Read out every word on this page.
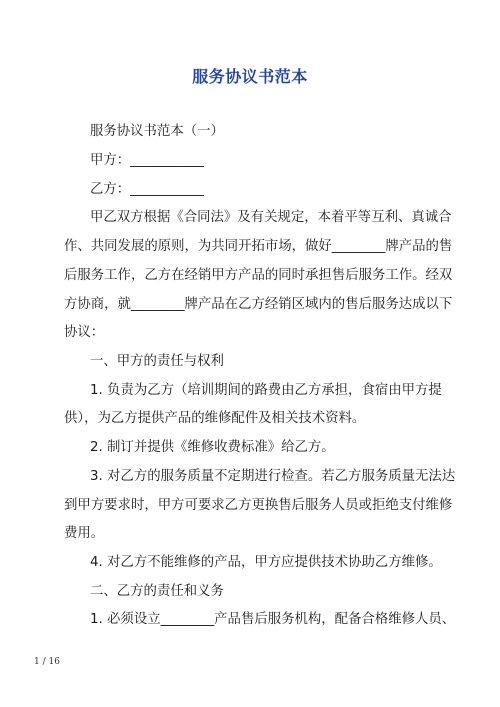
服务协议书范本
服务协议书范本（一）
甲方：___________
乙方：___________
甲乙双方根据《合同法》及有关规定，本着平等互利、真诚合
作、共同发展的原则，为共同开拓市场，做好________牌产品的售
后服务工作，乙方在经销甲方产品的同时承担售后服务工作。经双
方协商，就________牌产品在乙方经销区域内的售后服务达成以下
协议：
一、甲方的责任与权利
1. 负责为乙方（培训期间的路费由乙方承担，食宿由甲方提
供），为乙方提供产品的维修配件及相关技术资料。
2. 制订并提供《维修收费标准》给乙方。
3. 对乙方的服务质量不定期进行检查。若乙方服务质量无法达
到甲方要求时，甲方可要求乙方更换售后服务人员或拒绝支付维修
费用。
4. 对乙方不能维修的产品，甲方应提供技术协助乙方维修。
二、乙方的责任和义务
1. 必须设立________产品售后服务机构，配备合格维修人员、
1 / 16
